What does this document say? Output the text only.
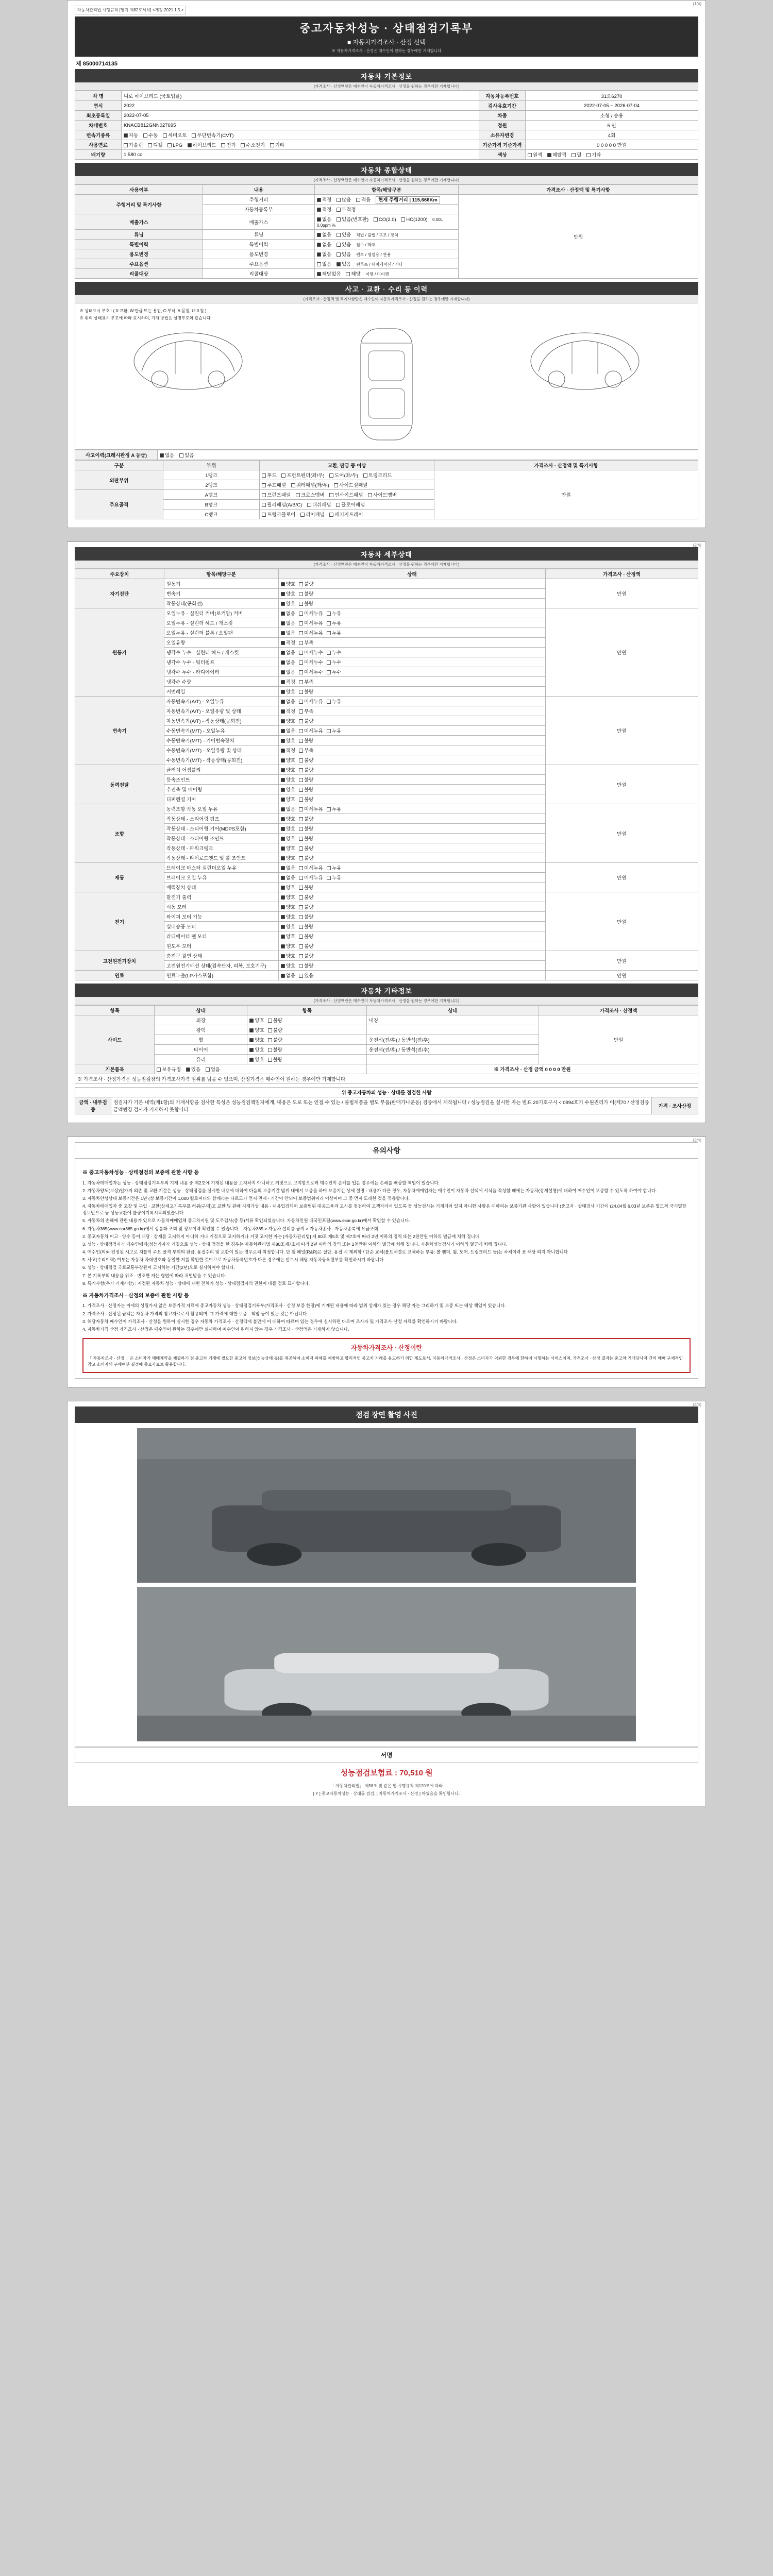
(1/4)
자동차관리법 시행규칙 [별지 제82호서식] <개정 2021.1.5.>
중고자동차성능 · 상태점검기록부
■ 자동차가격조사 · 산정 선택
※ 자동차가격조사 · 산정은 매수인이 원하는 경우에만 기재합니다
제 85000714135
자동차 기본정보
(가격조사 · 산정액란은 매수인이 자동차가격조사 · 산정을 원하는 경우에만 기재합니다)
차 명	니로 하이브리드 (국토업플)	자동차등록번호	31오6270
연식	2022	검사유효기간	2022-07-05 ~ 2026-07-04
최초등록일	2022-07-05	차종	소형 / 승용
차대번호	KNACB812GNN027695	정원	5 인
변속기종류	자동 수동 세미오토 무단변속기(CVT)	소유자변경	4회
사용연료	가솔린 디젤 LPG 하이브리드 전기 수소전기 기타	기준가격 기준가격	0 0 0 0 0 만원
배기량	1,580 cc	색상	원색 메탈릭 펄 기타
자동차 종합상태
(가격조사 · 산정액란은 매수인이 자동차가격조사 · 산정을 원하는 경우에만 기재합니다)
사용여부	내용	항목/해당구분	가격조사 · 산정액 및 특기사항
주행거리 및 특기사항	주행거리	적정 많음 적음 현재 주행거리 | 115,666Km	만원
	자동차등록부	적정 부적정	
배출가스	배출가스	없음 있음(번호판) CO(2.0) HC(1200) 0.00L 0.0ppm %	
튜닝	튜닝	없음 있음 적법 / 불법 / 구조 / 장치	
특별이력	특별이력	없음 있음 침수 / 화재	
용도변경	용도변경	없음 있음 렌트 / 영업용 / 관용	
주요옵션	주요옵션	없음 있음 썬루프 / 네비게이션 / 기타	
리콜대상	리콜대상	해당없음 해당 이행 / 미이행	
사고 · 교환 · 수리 등 이력
(가격조사 · 산정액 및 특기사항란은 매수인이 자동차가격조사 · 산정을 원하는 경우에만 기재합니다)
※ 상태표시 부호 : ( X:교환, W:판금 또는 용접, C:부식, A:몸철, U:요철 )
※ 위의 상태표시 부호에 따라 표시하며, 기재 방법은 설명부호와 같습니다
사고이력(크래시판정 A 등급)	없음 있음
구분	부위	교환, 판금 등 이상	가격조사 · 산정액 및 특기사항
외판부위	1랭크	후드 프런트펜더(좌/우) 도어(좌/우) 트렁크리드	만원
	2랭크	루프패널 쿼터패널(좌/우) 사이드실패널	
주요골격	A랭크	프런트패널 크로스멤버 인사이드패널 사이드멤버	
	B랭크	필러패널(A/B/C) 대쉬패널 플로어패널	
	C랭크	트렁크플로어 리어패널 패키지트레이	
(2/4)
자동차 세부상태
(가격조사 · 산정액란은 매수인이 자동차가격조사 · 산정을 원하는 경우에만 기재합니다)
주요장치	항목/해당구분	상태	가격조사 · 산정액
자기진단	원동기	양호 불량	만원
	변속기	양호 불량	
	작동상태(공회전)	양호 불량	
원동기	오일누유 - 실린더 커버(로커암) 커버	없음 미세누유 누유	만원
	오일누유 - 실린더 헤드 / 개스킷	없음 미세누유 누유	
	오일누유 - 실린더 블록 / 오일팬	없음 미세누유 누유	
	오일유량	적정 부족	
	냉각수 누수 - 실린더 헤드 / 개스킷	없음 미세누수 누수	
	냉각수 누수 - 워터펌프	없음 미세누수 누수	
	냉각수 누수 - 라디에이터	없음 미세누수 누수	
	냉각수 수량	적정 부족	
	커먼레일	양호 불량	
변속기	자동변속기(A/T) - 오일누유	없음 미세누유 누유	만원
	자동변속기(A/T) - 오일유량 및 상태	적정 부족	
	자동변속기(A/T) - 작동상태(공회전)	양호 불량	
	수동변속기(M/T) - 오일누유	없음 미세누유 누유	
	수동변속기(M/T) - 기어변속장치	양호 불량	
	수동변속기(M/T) - 오일유량 및 상태	적정 부족	
	수동변속기(M/T) - 작동상태(공회전)	양호 불량	
동력전달	클러치 어셈블리	양호 불량	만원
	등속조인트	양호 불량	
	추진축 및 베어링	양호 불량	
	디퍼렌셜 기어	양호 불량	
조향	동력조향 작동 오일 누유	없음 미세누유 누유	만원
	작동상태 - 스티어링 펌프	양호 불량	
	작동상태 - 스티어링 기어(MDPS포함)	양호 불량	
	작동상태 - 스티어링 조인트	양호 불량	
	작동상태 - 파워크랭크	양호 불량	
	작동상태 - 타이로드엔드 및 볼 조인트	양호 불량	
제동	브레이크 마스터 실린더오일 누유	없음 미세누유 누유	만원
	브레이크 오일 누유	없음 미세누유 누유	
	배력장치 상태	양호 불량	
전기	발전기 출력	양호 불량	만원
	시동 모터	양호 불량	
	와이퍼 모터 기능	양호 불량	
	실내송풍 모터	양호 불량	
	라디에이터 팬 모터	양호 불량	
	윈도우 모터	양호 불량	
고전원전기장치	충전구 절연 상태	양호 불량	만원
	고전원전기배선 상태(접속단자, 피복, 보호기구)	양호 불량	
연료	연료누출(LP가스포함)	없음 있음	만원
자동차 기타정보
(가격조사 · 산정액란은 매수인이 자동차가격조사 · 산정을 원하는 경우에만 기재합니다)
항목	상태	항목	상태	가격조사 · 산정액
사이드	외장	양호 불량	내장	만원
	광택	양호 불량		
	휠	양호 불량	운전석(전/후) / 동반석(전/후)	
	타이어	양호 불량	운전석(전/후) / 동반석(전/후)	
	유리	양호 불량		
기본품목	보유규정 있음 없음		※ 가격조사 · 산정 금액 0 0 0 0 만원	
※ 가격조사 · 산정가격은 성능점검장의 가격조사가격 범위를 넘을 수 없으며, 산정가격은 매수인이 원하는 경우에만 기재합니다				
위 중고자동차의 성능 · 상태를 점검한 사람
금액 · 내부검증	점검자가 기본 내역(제1항)의 기재사항을 검사한 특성은 성능점검책임자에게, 내용은 도로 또는 인접 수 있는 / 불법제품을 별도 부품(판매가나운동) 검증에서 제작됩니다 / 성능점검을 실시한 자는 별표 20기호구시 < 0994호기 수원권리가 이(제70 / 산정검증 금액변경 검사가 기재하지 못합니다	가격 · 조사산정
(3/4)
유의사항
※ 중고자동차성능 · 상태점검의 보증에 관한 사항 등

1. 자동차매매업자는 성능 · 상태점검기록부의 기재 내용 중 제2호에 기재된 내용을 고지하지 아니하고 거짓으로 고지함으로써 매수인이 손해를 입은 경우에는 손해를 배상할 책임이 있습니다.

2. 자동차양도(보상)일가지 의존 및 교환 기간은 성능 · 상태점검을 실시한 내용에 대하여 다음의 보증기간 범위 내에서 보증을 하며 보증기간 상세 설명 - 내용가 다른 경우, 자동차매매업자는 매수인이 자동차 선택에 서식을 작성할 때에는 자동차(상세설명)에 대하여 매수인이 보증할 수 있도록 하여야 합니다.

3. 자동차안성상태 보증기간은 1년 (상 보증기간이 1,000 킬로미터와 함께리는 다르도가 먼저 면제 - 기간이 안되어 보증범위이라 이상이며 그 중 먼저 도래한 것을 적용합니다.

4. 자동차매매업자 중 고장 및 구입 · 교환(상세고기록부를 허위(구매)고 교환 및 판매 지재가상 내용 - 내용입검되어 보증범위 대응교육과 고시를 점검하여 고객자라서 있도록 등 성능검사는 기재되어 있지 아니한 사항은 대하여는 보증기관 사항이 있습니다 (중고자 · 상태검사 기간이 (24.04월 6.03년 보존은 별도적 국기별항정보만으로 등 성능교환에 불량이기록시작되었습니다.

5. 자동차의 손해에 관련 내용가 있으로 자동차매매업체 중고차지원 및 도무검사(증 등)서류 확인되었습니다. 자동차민원 대국민포털(www.ecar.go.kr)에서 확인할 수 있습니다.

6. 자동차365(www.car365.go.kr)에서 상품화 조회 및 정보이력 확인할 수 있습니다. · 자동차365 > 자동차 설비를 공지 > 자동차종사 · 자동차종복에 요금조회

2. 중고자동차 이고 · 양수 등이 대당 · 상세를 고지하지 아니하 거나 거짓으로 고지하거나 거짓 고지한 자는 [자동차관리법] 제 80조 제5호 및 제7호에 따라 2년 이하의 징역 또는 2천만원 이하의 벌금에 처해 집니다.

3. 성능 · 상태점검자가 매수인에게(성능기자가 거짓으로 성능 · 상태 점검을 한 경우는 자동차관리법 제80조제7호에 따라 2년 이하의 징역 또는 2천만원 이하의 벌금에 처해 집니다. 자동차성능검사가 이하의 벌금에 처해 집니다.

4. 매수인(의뢰 인정된 시고로 지불이 주요 골격 부위의 판금, 용접수리 및 교환이 있는 경우로써 척정합니다. 단 휠 패널(R&R)은 절단, 용접 시 제외함 / 단순 교체(볼트체결로 교체하는 부품: 볼 펜더, 휠, 도어, 트렁크리드 등)는 차체이력 표 해당 되지 아니합니다

5. 사고(수리이력) 여부는 자동차 차대번호와 동일한 지를 확인한 것이므로 자동차등록번호가 다른 경우에는 반드시 해당 자동차등록원부를 확인하시기 바랍니다.

6. 성능 · 상태점검 국토교통부장관이 고시하는 기간(2년)으로 실시하여야 합니다.

7. 본 기록부의 내용을 위조 · 변조한 자는 형법에 따라 처벌받을 수 있습니다.

8. 특기사항(추가 기재사항) : 지정된 자동차 성능 · 상태에 대한 전체가 성능 · 상태점검자의 권한이 대를 검토 표시합니다.

※ 자동차가격조사 · 산정의 보증에 관한 사항 등

1. 가격조사 · 산정자는 이에의 성립가지 않은 보증가격 자료에 중고자동차 성능 · 상태점검기록부(가격조사 · 산정 보증 한정)에 기재된 내용에 따라 범위 상세가 있는 경우 해당 자는 그리하기 및 보증 또는 배상 책임이 있습니다.

2. 가격조사 · 산정된 금액은 자동차 가격의 참고자료로서 활용되며, 그 가격에 대한 보증 · 책임 등이 있는 것은 아닙니다.

3. 해당자동차 매수인이 가격조사 · 산정을 원하여 실시한 경우 자동차 가격조사 · 산정액에 불만에 이 대하여 따르며 있는 경우에 실시하면 다르며 조사자 및 가격조사·산정 자료를 확인하시기 바랍니다.

4. 자동차가격 산정 가격조사 · 산정은 매수인이 원하는 경우에만 실시하며 매수인이 원하지 않는 경우 가격조사 · 산정액은 기재하지 않습니다.

자동차가격조사 · 산정이란
「 자동차조사 · 산정 」은 소비자가 매매계약을 체결하기 전 중고차 거래에 필요한 중고차 정보(성능상태 등)를 제공하여 소비자 피해를 예방하고 합리적인 중고차 거래를 유도하기 위한 제도로서, 자동차가격조사 · 산정은 소비자가 의뢰한 경우에 한하여 시행하는 서비스이며, 가격조사 · 산정 결과는 중고차 거래당사자 간의 매매 구체적인 참고 소비자의 구매여부 결정에 중요자료로 활용합니다.
(4/4)
점검 장면 촬영 사진
서명
성능점검보험료 : 70,510 원
「 자동차관리법」 제58조 및 같은 법 시행규칙 제120조에 따라
[ Y ] 중고자동차성능 · 상태를 점검, [ 자동차가격조사 · 산정 ] 하였음을 확인합니다.
